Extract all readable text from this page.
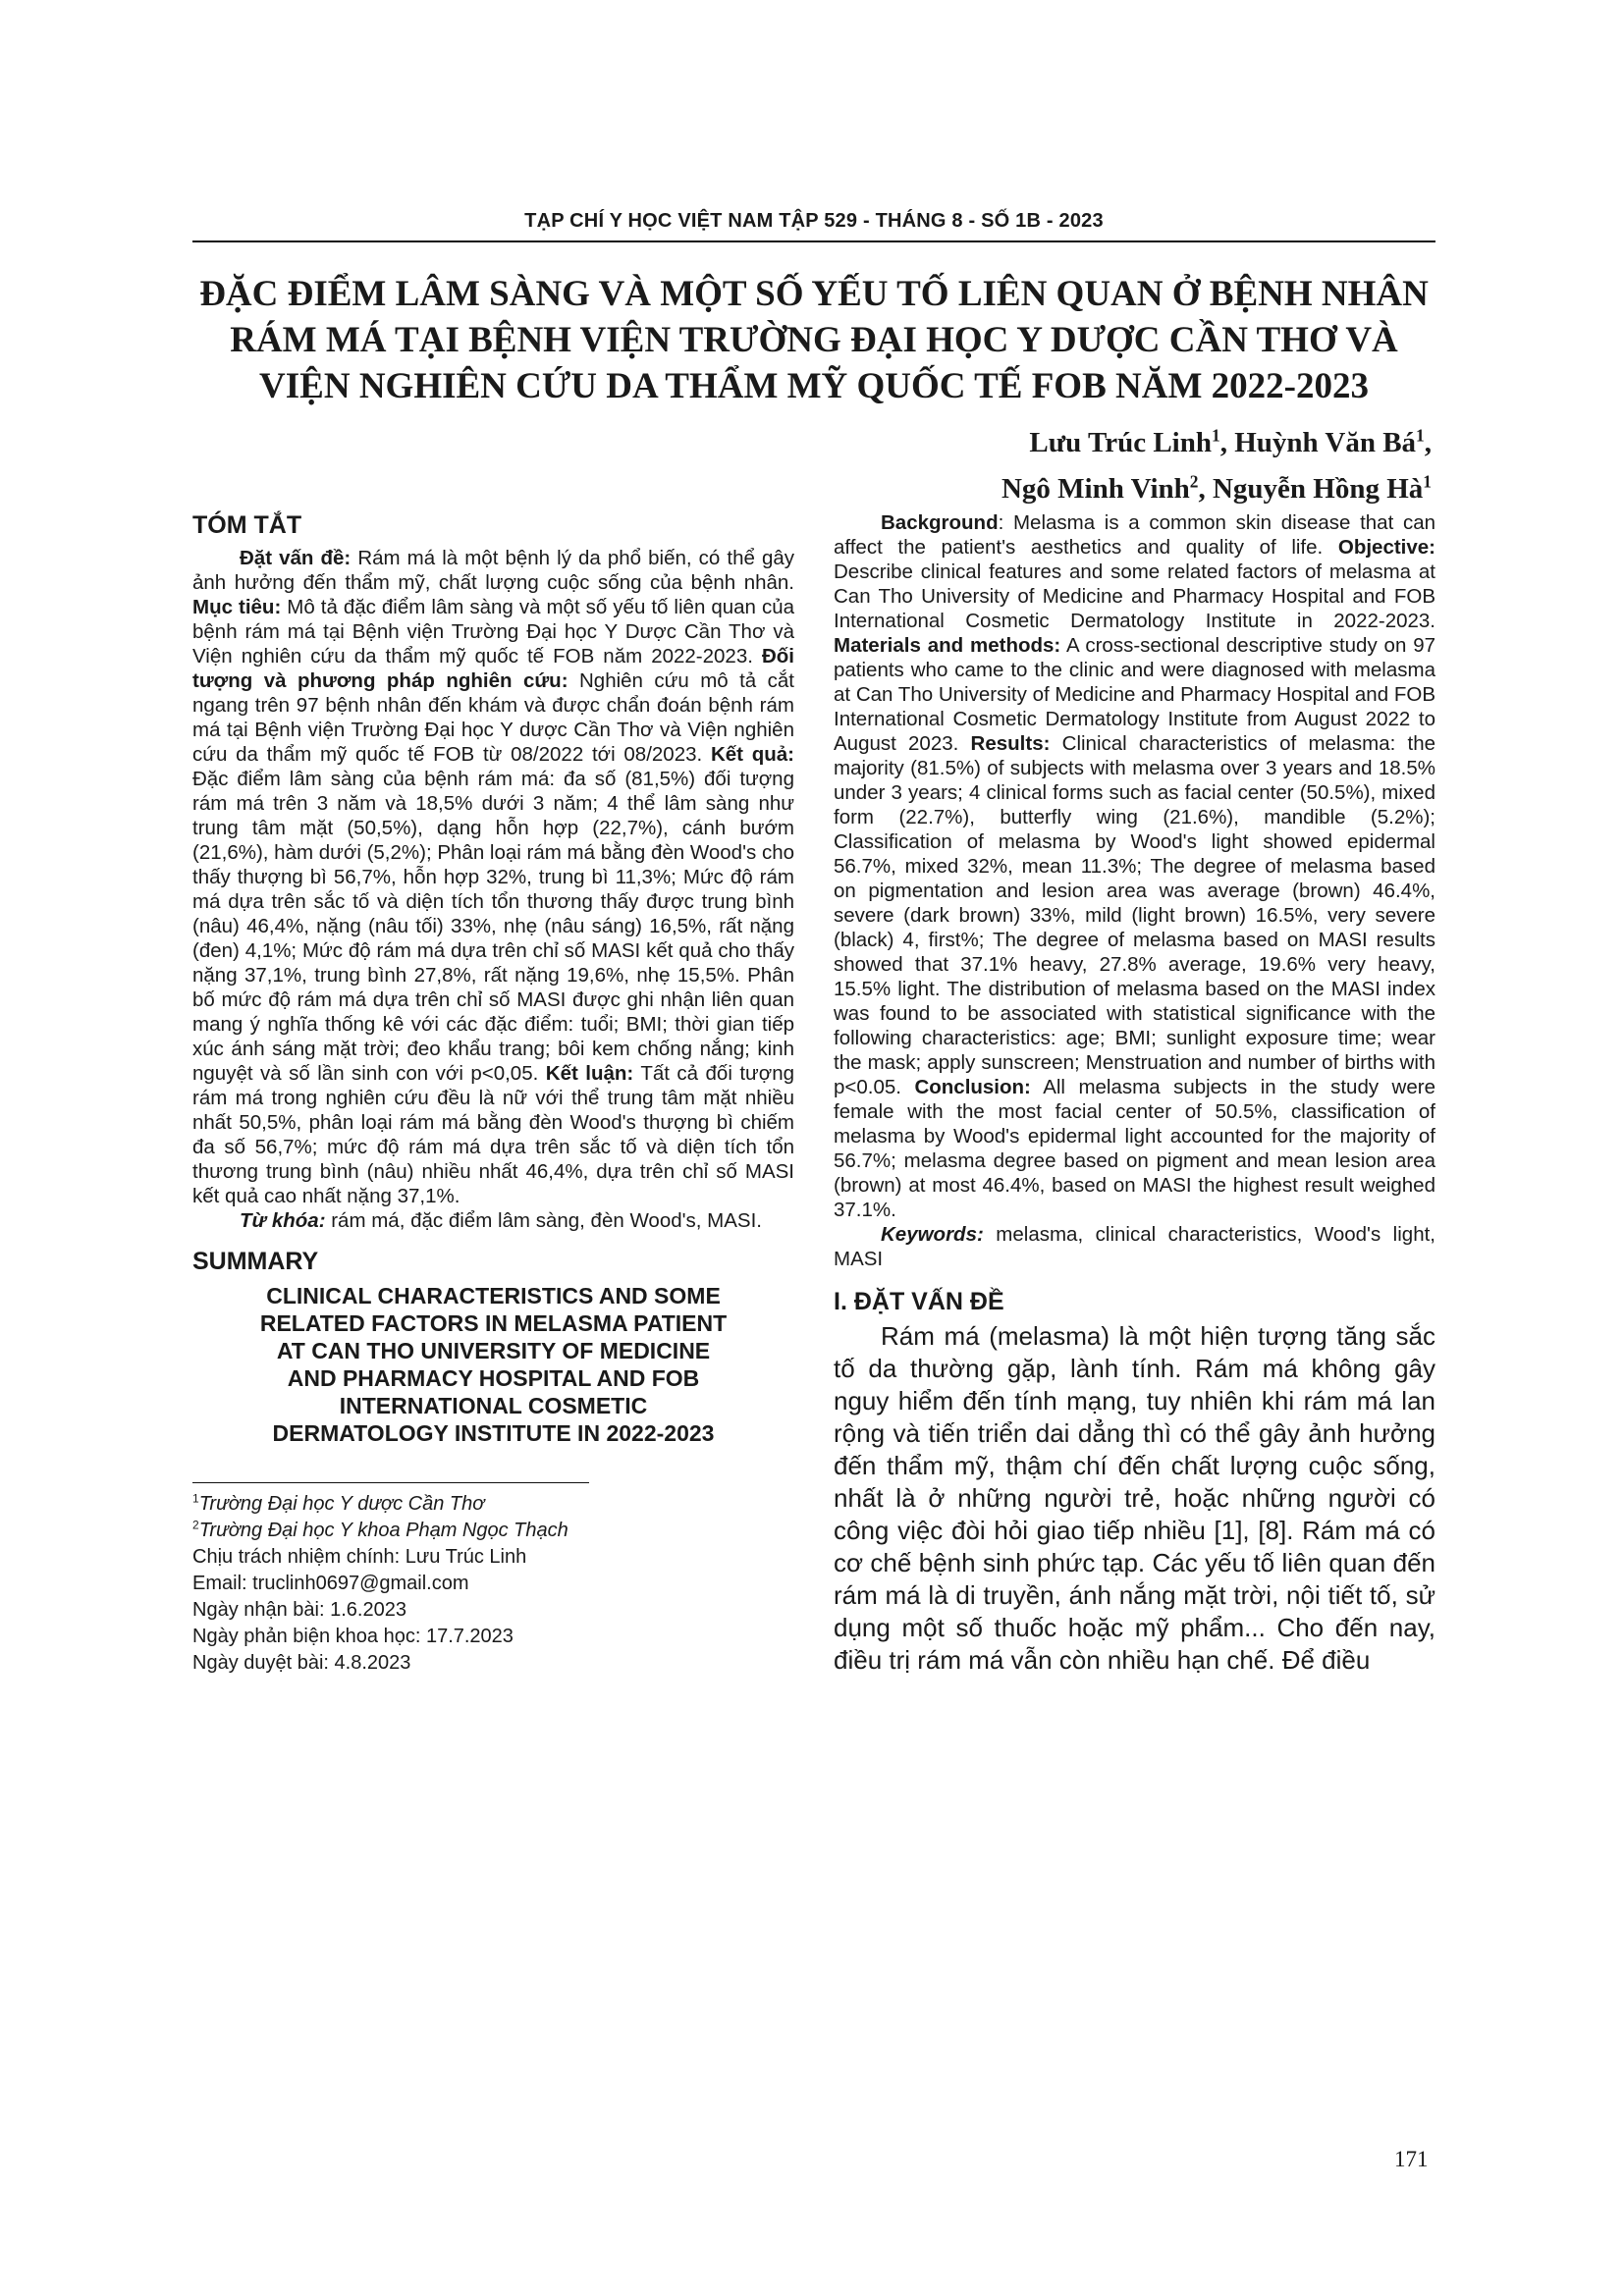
TẠP CHÍ Y HỌC VIỆT NAM TẬP 529 - THÁNG 8 - SỐ 1B - 2023
ĐẶC ĐIỂM LÂM SÀNG VÀ MỘT SỐ YẾU TỐ LIÊN QUAN Ở BỆNH NHÂN
RÁM MÁ TẠI BỆNH VIỆN TRƯỜNG ĐẠI HỌC Y DƯỢC CẦN THƠ VÀ
VIỆN NGHIÊN CỨU DA THẨM MỸ QUỐC TẾ FOB NĂM 2022-2023
Lưu Trúc Linh$^1$, Huỳnh Văn $Bá^1$,
Ngô Minh Vinh$^2$, Nguyễn Hồng $Hà^1$
TÓM TẮT

Đặt vấn đề: Rám má là một bệnh lý da phổ biến, có thể gây ảnh hưởng đến thẩm mỹ, chất lượng cuộc sống của bệnh nhân. Mục tiêu: Mô tả đặc điểm lâm sàng và một số yếu tố liên quan của bệnh rám má tại Bệnh viện Trường Đại học Y Dược Cần Thơ và Viện nghiên cứu da thẩm mỹ quốc tế FOB năm 2022-2023. Đối tượng và phương pháp nghiên cứu: Nghiên cứu mô tả cắt ngang trên 97 bệnh nhân đến khám và được chẩn đoán bệnh rám má tại Bệnh viện Trường Đại học Y dược Cần Thơ và Viện nghiên cứu da thẩm mỹ quốc tế FOB từ 08/2022 tới 08/2023. Kết quả: Đặc điểm lâm sàng của bệnh rám má: đa số (81,5%) đối tượng rám má trên 3 năm và 18,5% dưới 3 năm; 4 thể lâm sàng như trung tâm mặt (50,5%), dạng hỗn hợp (22,7%), cánh bướm (21,6%), hàm dưới (5,2%); Phân loại rám má bằng đèn Wood's cho thấy thượng bì 56,7%, hỗn hợp 32%, trung bì 11,3%; Mức độ rám má dựa trên sắc tố và diện tích tổn thương thấy được trung bình (nâu) 46,4%, nặng (nâu tối) 33%, nhẹ (nâu sáng) 16,5%, rất nặng (đen) 4,1%; Mức độ rám má dựa trên chỉ số MASI kết quả cho thấy nặng 37,1%, trung bình 27,8%, rất nặng 19,6%, nhẹ 15,5%. Phân bố mức độ rám má dựa trên chỉ số MASI được ghi nhận liên quan mang ý nghĩa thống kê với các đặc điểm: tuổi; BMI; thời gian tiếp xúc ánh sáng mặt trời; đeo khẩu trang; bôi kem chống nắng; kinh nguyệt và số lần sinh con với p<0,05. Kết luận: Tất cả đối tượng rám má trong nghiên cứu đều là nữ với thể trung tâm mặt nhiều nhất 50,5%, phân loại rám má bằng đèn Wood's thượng bì chiếm đa số 56,7%; mức độ rám má dựa trên sắc tố và diện tích tổn thương trung bình (nâu) nhiều nhất 46,4%, dựa trên chỉ số MASI kết quả cao nhất nặng 37,1%.

Từ khóa: rám má, đặc điểm lâm sàng, đèn Wood's, MASI.

SUMMARY
CLINICAL CHARACTERISTICS AND SOME
RELATED FACTORS IN MELASMA PATIENT
AT CAN THO UNIVERSITY OF MEDICINE
AND PHARMACY HOSPITAL AND FOB
INTERNATIONAL COSMETIC
DERMATOLOGY INSTITUTE IN 2022-2023
$^1$Trường Đại học Y dược Cần Thơ
$^2$Trường Đại học Y khoa Phạm Ngọc Thạch
Chịu trách nhiệm chính: Lưu Trúc Linh
Email: truclinh0697@gmail.com
Ngày nhận bài: 1.6.2023
Ngày phản biện khoa học: 17.7.2023
Ngày duyệt bài: 4.8.2023

Background: Melasma is a common skin disease that can affect the patient's aesthetics and quality of life. Objective: Describe clinical features and some related factors of melasma at Can Tho University of Medicine and Pharmacy Hospital and FOB International Cosmetic Dermatology Institute in 2022-2023. Materials and methods: A cross-sectional descriptive study on 97 patients who came to the clinic and were diagnosed with melasma at Can Tho University of Medicine and Pharmacy Hospital and FOB International Cosmetic Dermatology Institute from August 2022 to August 2023. Results: Clinical characteristics of melasma: the majority (81.5%) of subjects with melasma over 3 years and 18.5% under 3 years; 4 clinical forms such as facial center (50.5%), mixed form (22.7%), butterfly wing (21.6%), mandible (5.2%); Classification of melasma by Wood's light showed epidermal 56.7%, mixed 32%, mean 11.3%; The degree of melasma based on pigmentation and lesion area was average (brown) 46.4%, severe (dark brown) 33%, mild (light brown) 16.5%, very severe (black) 4, first%; The degree of melasma based on MASI results showed that 37.1% heavy, 27.8% average, 19.6% very heavy, 15.5% light. The distribution of melasma based on the MASI index was found to be associated with statistical significance with the following characteristics: age; BMI; sunlight exposure time; wear the mask; apply sunscreen; Menstruation and number of births with p<0.05. Conclusion: All melasma subjects in the study were female with the most facial center of 50.5%, classification of melasma by Wood's epidermal light accounted for the majority of 56.7%; melasma degree based on pigment and mean lesion area (brown) at most 46.4%, based on MASI the highest result weighed 37.1%.

Keywords: melasma, clinical characteristics, Wood's light, MASI

I. ĐẶT VẤN ĐỀ

Rám má (melasma) là một hiện tượng tăng sắc tố da thường gặp, lành tính. Rám má không gây nguy hiểm đến tính mạng, tuy nhiên khi rám má lan rộng và tiến triển dai dẳng thì có thể gây ảnh hưởng đến thẩm mỹ, thậm chí đến chất lượng cuộc sống, nhất là ở những người trẻ, hoặc những người có công việc đòi hỏi giao tiếp nhiều [1], [8]. Rám má có cơ chế bệnh sinh phức tạp. Các yếu tố liên quan đến rám má là di truyền, ánh nắng mặt trời, nội tiết tố, sử dụng một số thuốc hoặc mỹ phẩm... Cho đến nay, điều trị rám má vẫn còn nhiều hạn chế. Để điều

171
